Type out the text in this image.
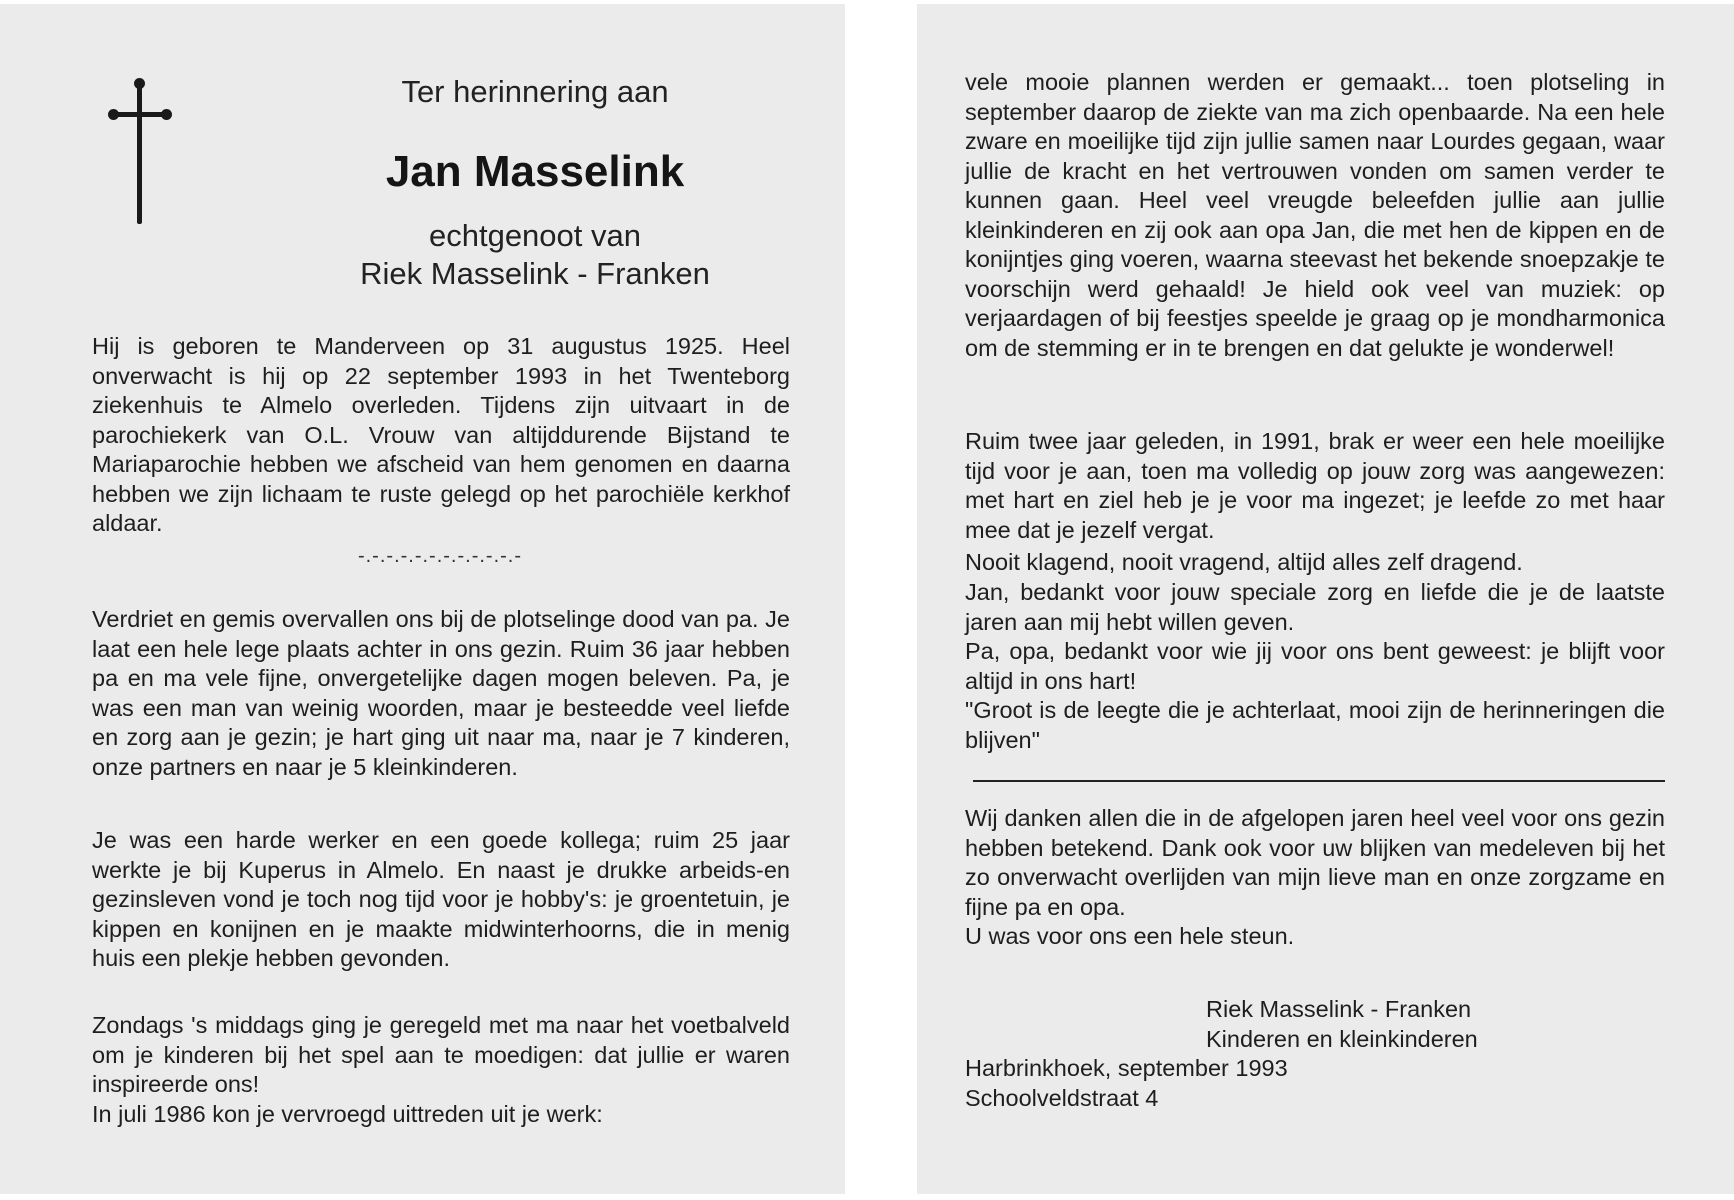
Ter herinnering aan
Jan Masselink
echtgenoot van
Riek Masselink - Franken

Hij is geboren te Manderveen op 31 augustus 1925. Heel onverwacht is hij op 22 september 1993 in het Twenteborg ziekenhuis te Almelo overleden. Tijdens zijn uitvaart in de parochiekerk van O.L. Vrouw van altijddurende Bijstand te Mariaparochie hebben we afscheid van hem genomen en daarna hebben we zijn lichaam te ruste gelegd op het parochiële kerkhof aldaar.

-.-.-.-.-.-.-.-.-.-.-.-

Verdriet en gemis overvallen ons bij de plotselinge dood van pa. Je laat een hele lege plaats achter in ons gezin. Ruim 36 jaar hebben pa en ma vele fijne, onvergetelijke dagen mogen beleven. Pa, je was een man van weinig woorden, maar je besteedde veel liefde en zorg aan je gezin; je hart ging uit naar ma, naar je 7 kinderen, onze partners en naar je 5 kleinkinderen.

Je was een harde werker en een goede kollega; ruim 25 jaar werkte je bij Kuperus in Almelo. En naast je drukke arbeids-en gezinsleven vond je toch nog tijd voor je hobby's: je groentetuin, je kippen en konijnen en je maakte midwinterhoorns, die in menig huis een plekje hebben gevonden.

Zondags 's middags ging je geregeld met ma naar het voetbalveld om je kinderen bij het spel aan te moedigen: dat jullie er waren inspireerde ons!

In juli 1986 kon je vervroegd uittreden uit je werk:

vele mooie plannen werden er gemaakt... toen plotseling in september daarop de ziekte van ma zich openbaarde. Na een hele zware en moeilijke tijd zijn jullie samen naar Lourdes gegaan, waar jullie de kracht en het vertrouwen vonden om samen verder te kunnen gaan. Heel veel vreugde beleefden jullie aan jullie kleinkinderen en zij ook aan opa Jan, die met hen de kippen en de konijntjes ging voeren, waarna steevast het bekende snoepzakje te voorschijn werd gehaald! Je hield ook veel van muziek: op verjaardagen of bij feestjes speelde je graag op je mondharmonica om de stemming er in te brengen en dat gelukte je wonderwel!

Ruim twee jaar geleden, in 1991, brak er weer een hele moeilijke tijd voor je aan, toen ma volledig op jouw zorg was aangewezen: met hart en ziel heb je je voor ma ingezet; je leefde zo met haar mee dat je jezelf vergat.

Nooit klagend, nooit vragend, altijd alles zelf dragend.

Jan, bedankt voor jouw speciale zorg en liefde die je de laatste jaren aan mij hebt willen geven.

Pa, opa, bedankt voor wie jij voor ons bent geweest: je blijft voor altijd in ons hart!

"Groot is de leegte die je achterlaat, mooi zijn de herinneringen die blijven"

Wij danken allen die in de afgelopen jaren heel veel voor ons gezin hebben betekend. Dank ook voor uw blijken van medeleven bij het zo onverwacht overlijden van mijn lieve man en onze zorgzame en fijne pa en opa.

U was voor ons een hele steun.

Riek Masselink - Franken

Kinderen en kleinkinderen

Harbrinkhoek, september 1993

Schoolveldstraat 4
